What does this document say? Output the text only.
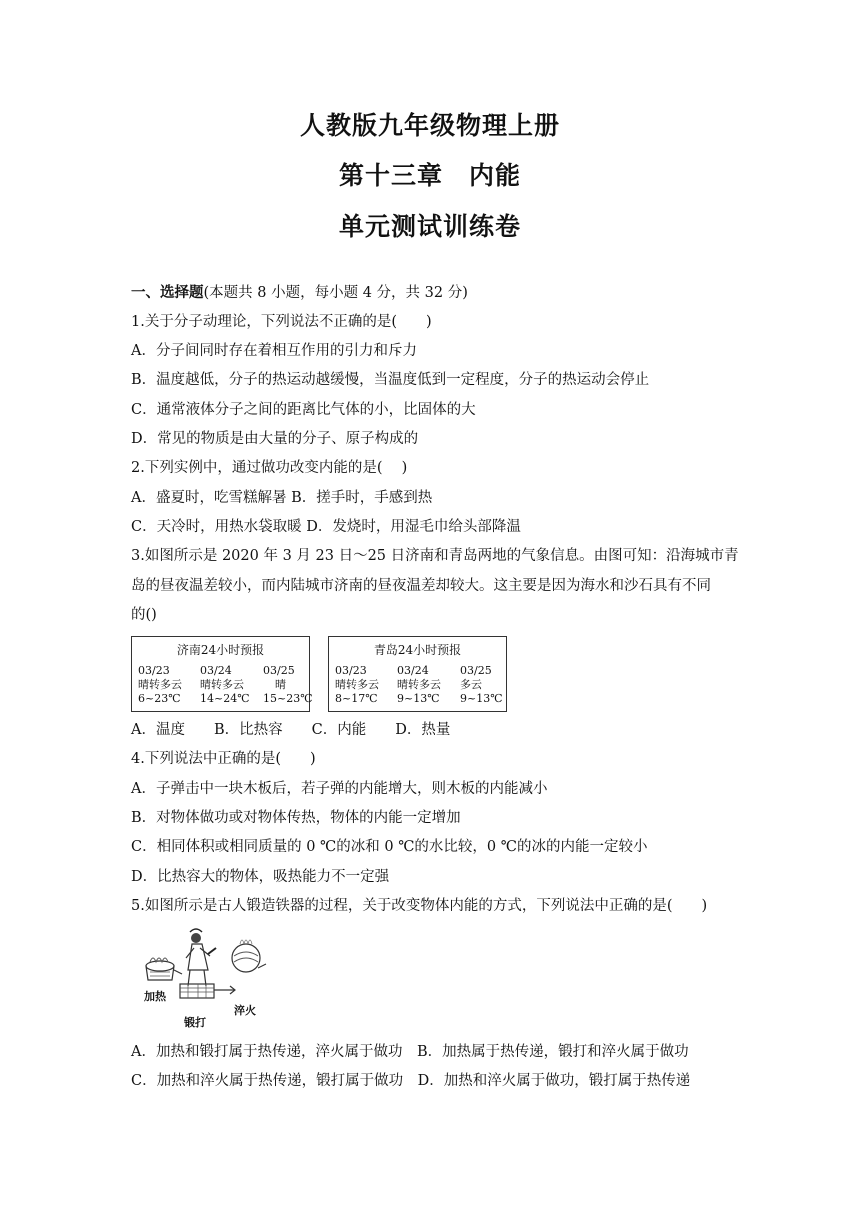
人教版九年级物理上册
第十三章　内能
单元测试训练卷
一、选择题(本题共 8 小题，每小题 4 分，共 32 分)
1.关于分子动理论，下列说法不正确的是(　　)
A．分子间同时存在着相互作用的引力和斥力
B．温度越低，分子的热运动越缓慢，当温度低到一定程度，分子的热运动会停止
C．通常液体分子之间的距离比气体的小，比固体的大
D．常见的物质是由大量的分子、原子构成的
2.下列实例中，通过做功改变内能的是(　 )
A．盛夏时，吃雪糕解暑 B．搓手时，手感到热
C．天冷时，用热水袋取暖 D．发烧时，用湿毛巾给头部降温
3.如图所示是 2020 年 3 月 23 日～25 日济南和青岛两地的气象信息。由图可知：沿海城市青
岛的昼夜温差较小，而内陆城市济南的昼夜温差却较大。这主要是因为海水和沙石具有不同
的()
济南24小时预报
03/23
晴转多云
6~23℃
03/24
晴转多云
14~24℃
03/25
晴
15~23℃
青岛24小时预报
03/23
晴转多云
8~17℃
03/24
晴转多云
9~13℃
03/25
多云
9~13℃
A．温度　　B．比热容　　C．内能　　D．热量
4.下列说法中正确的是(　　)
A．子弹击中一块木板后，若子弹的内能增大，则木板的内能减小
B．对物体做功或对物体传热，物体的内能一定增加
C．相同体积或相同质量的 0 ℃的冰和 0 ℃的水比较，0 ℃的冰的内能一定较小
D．比热容大的物体，吸热能力不一定强
5.如图所示是古人锻造铁器的过程，关于改变物体内能的方式，下列说法中正确的是(　　)
加热
锻打
淬火
A．加热和锻打属于热传递，淬火属于做功　B．加热属于热传递，锻打和淬火属于做功
C．加热和淬火属于热传递，锻打属于做功　D．加热和淬火属于做功，锻打属于热传递
